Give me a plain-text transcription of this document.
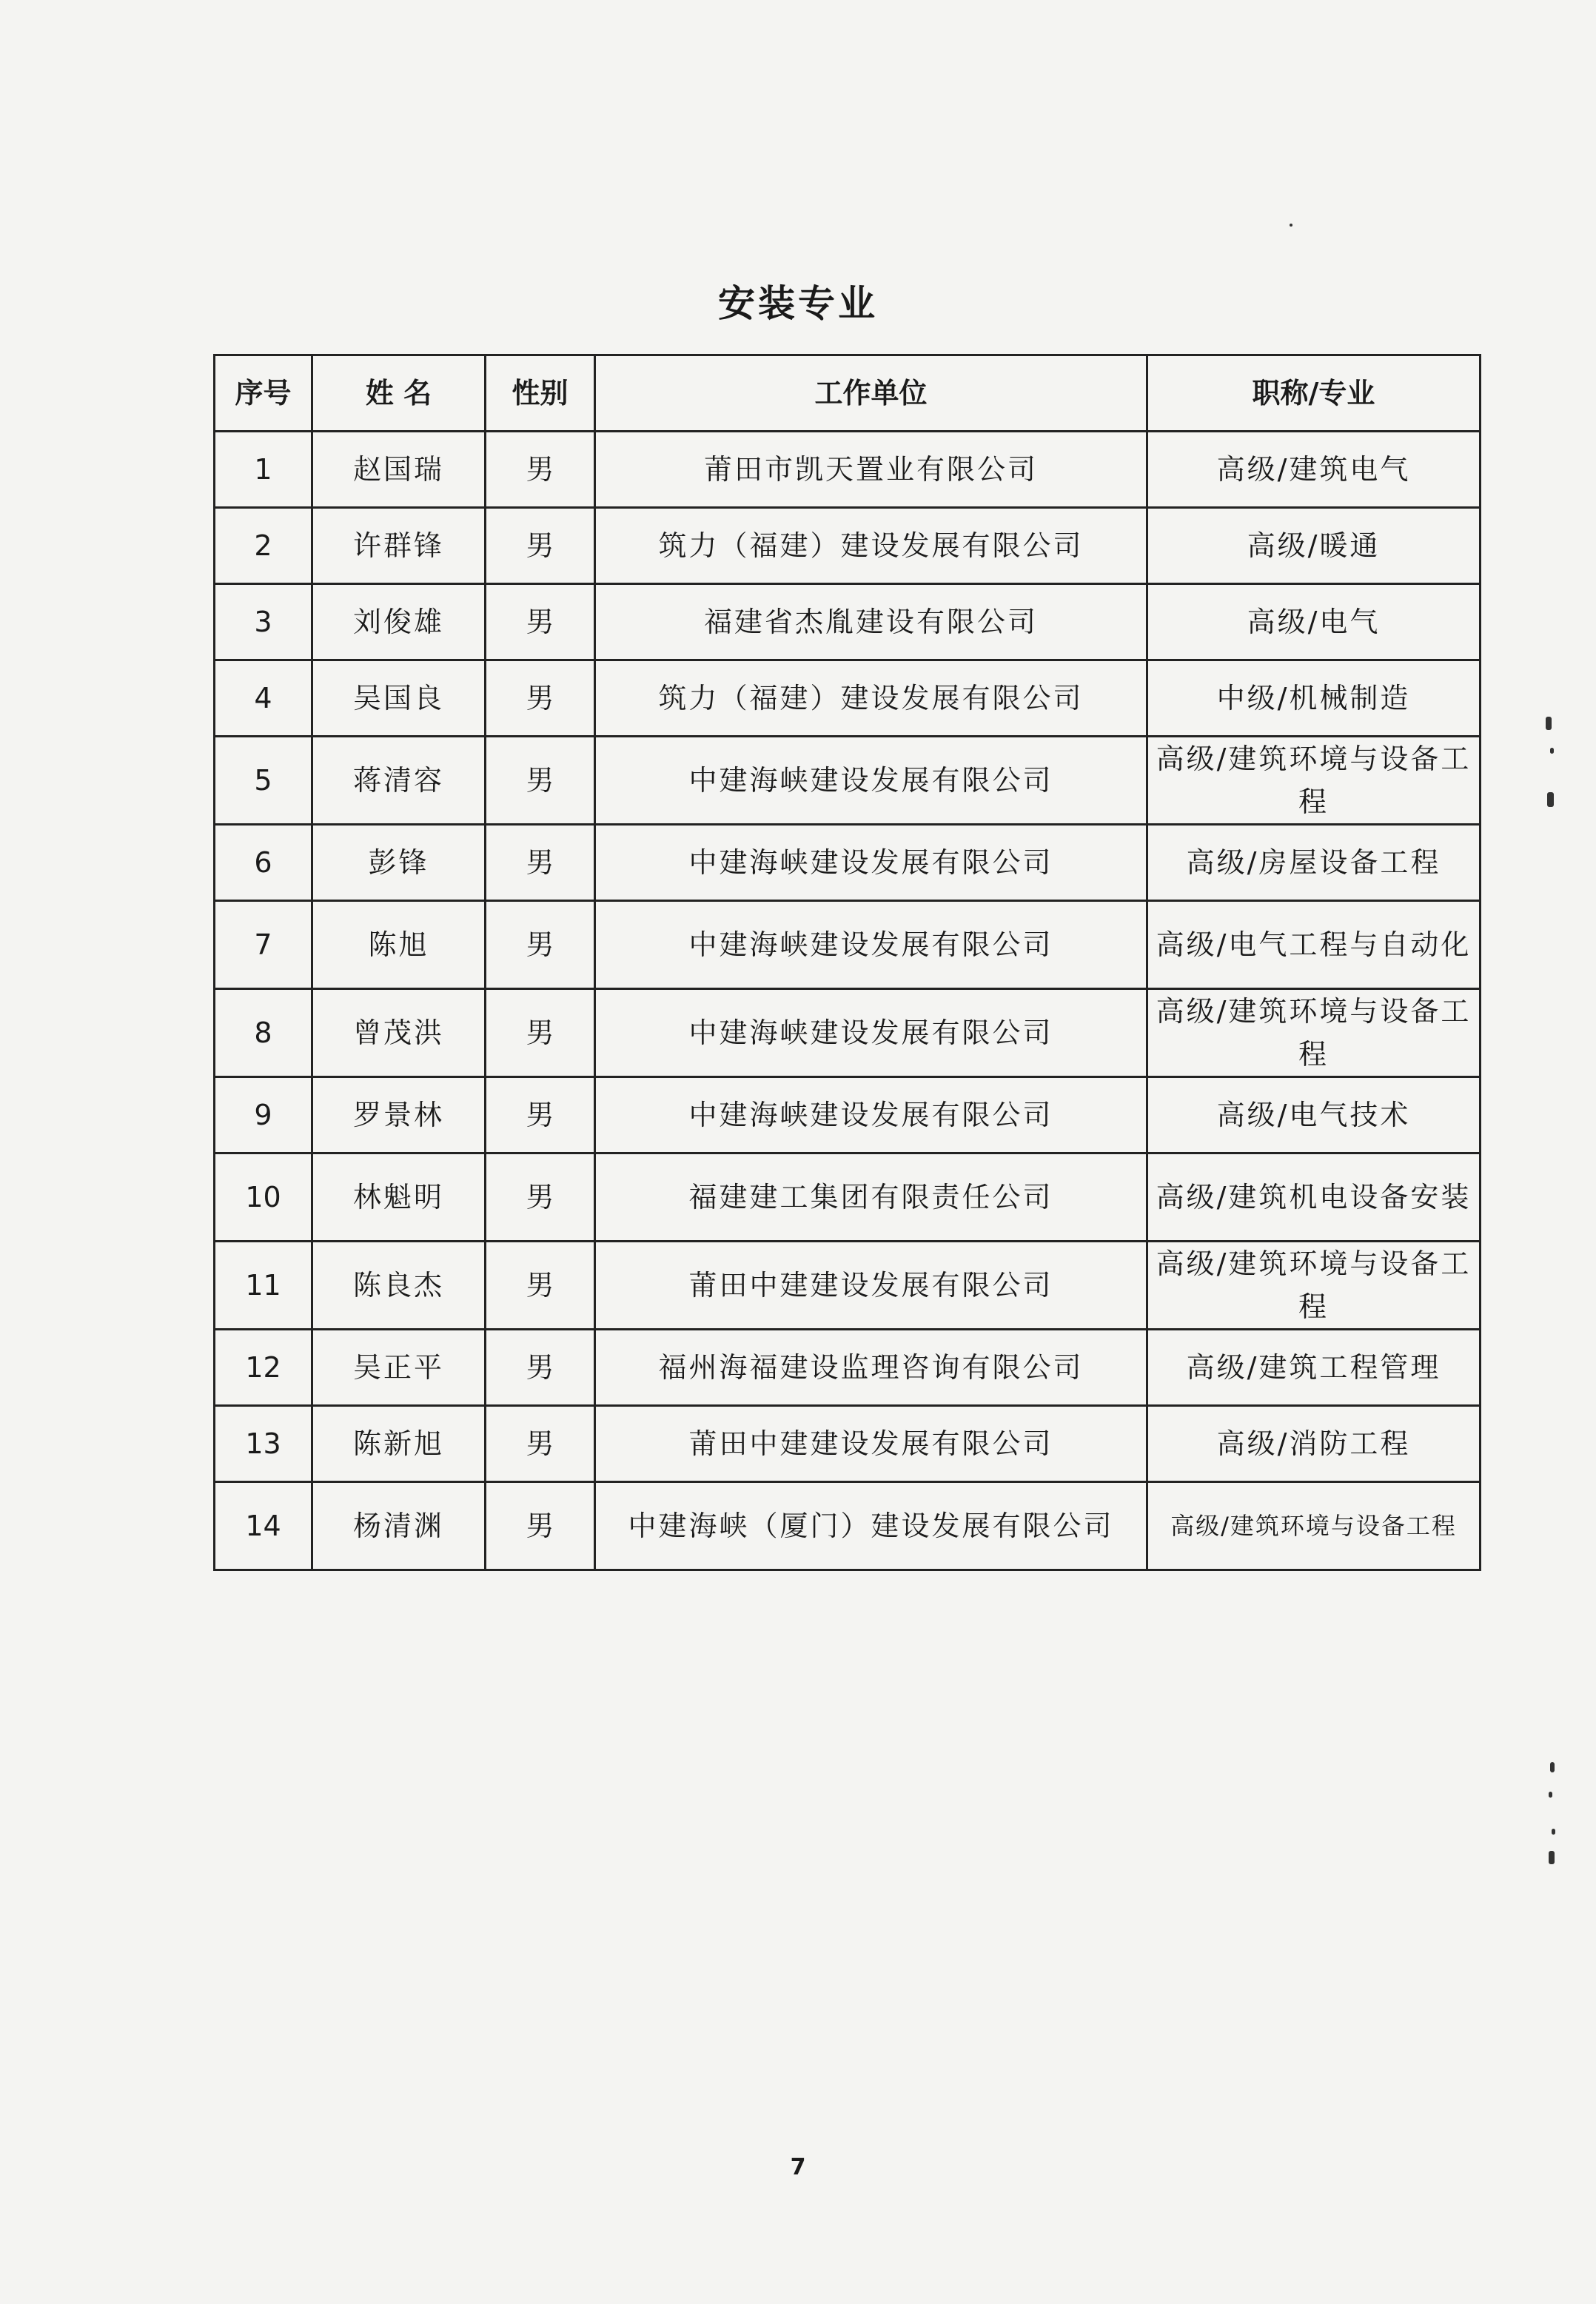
安装专业
序号	姓 名	性别	工作单位	职称/专业
1	赵国瑞	男	莆田市凯天置业有限公司	高级/建筑电气
2	许群锋	男	筑力（福建）建设发展有限公司	高级/暖通
3	刘俊雄	男	福建省杰胤建设有限公司	高级/电气
4	吴国良	男	筑力（福建）建设发展有限公司	中级/机械制造
5	蒋清容	男	中建海峡建设发展有限公司	高级/建筑环境与设备工程
6	彭锋	男	中建海峡建设发展有限公司	高级/房屋设备工程
7	陈旭	男	中建海峡建设发展有限公司	高级/电气工程与自动化
8	曾茂洪	男	中建海峡建设发展有限公司	高级/建筑环境与设备工程
9	罗景林	男	中建海峡建设发展有限公司	高级/电气技术
10	林魁明	男	福建建工集团有限责任公司	高级/建筑机电设备安装
11	陈良杰	男	莆田中建建设发展有限公司	高级/建筑环境与设备工程
12	吴正平	男	福州海福建设监理咨询有限公司	高级/建筑工程管理
13	陈新旭	男	莆田中建建设发展有限公司	高级/消防工程
14	杨清渊	男	中建海峡（厦门）建设发展有限公司	高级/建筑环境与设备工程
7
